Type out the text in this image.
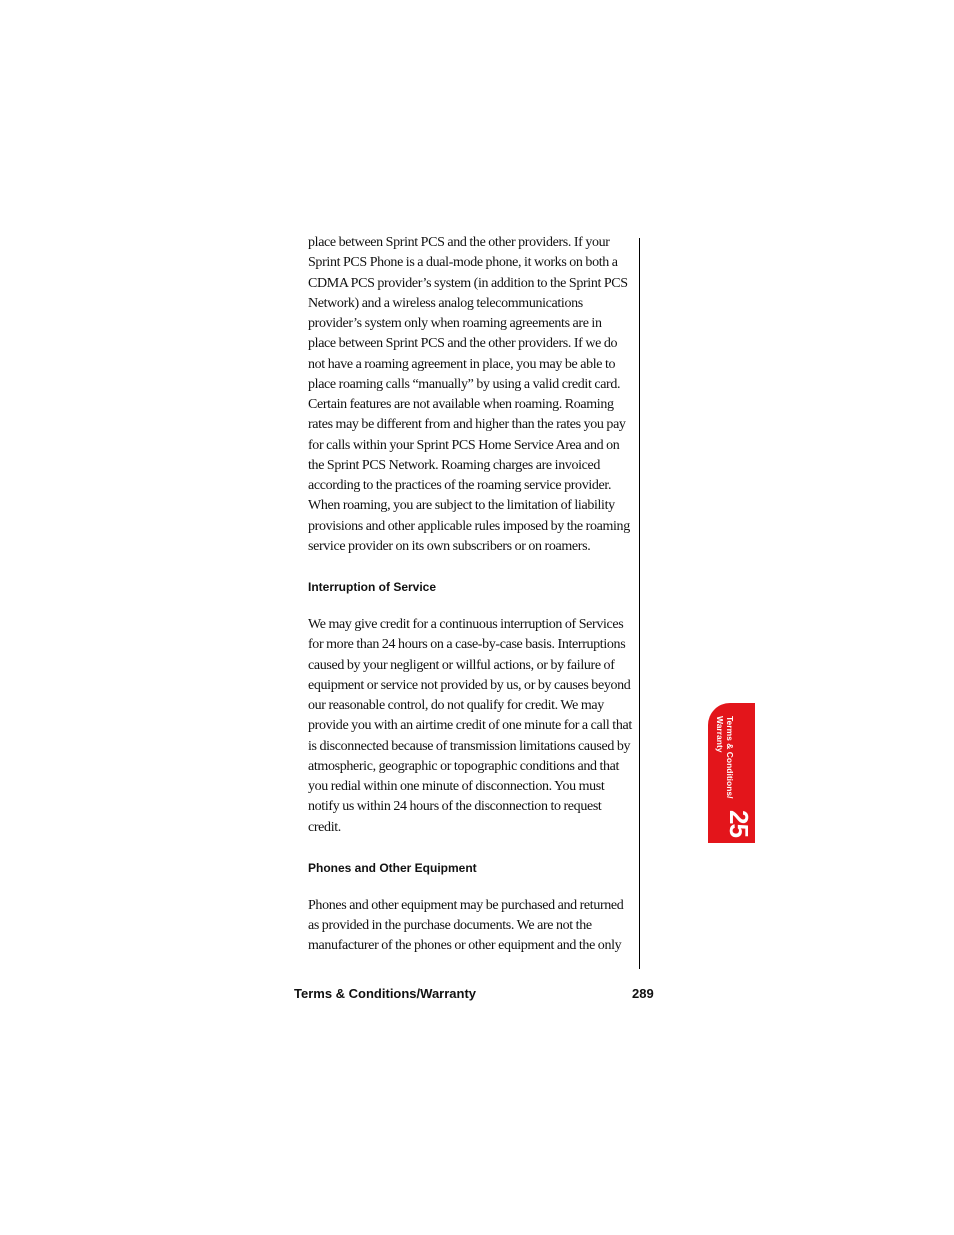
place between Sprint PCS and the other providers. If your Sprint PCS Phone is a dual-mode phone, it works on both a CDMA PCS provider’s system (in addition to the Sprint PCS Network) and a wireless analog telecommunications provider’s system only when roaming agreements are in place between Sprint PCS and the other providers. If we do not have a roaming agreement in place, you may be able to place roaming calls “manually” by using a valid credit card. Certain features are not available when roaming. Roaming rates may be different from and higher than the rates you pay for calls within your Sprint PCS Home Service Area and on the Sprint PCS Network. Roaming charges are invoiced according to the practices of the roaming service provider. When roaming, you are subject to the limitation of liability provisions and other applicable rules imposed by the roaming service provider on its own subscribers or on roamers.

Interruption of Service

We may give credit for a continuous interruption of Services for more than 24 hours on a case-by-case basis. Interruptions caused by your negligent or willful actions, or by failure of equipment or service not provided by us, or by causes beyond our reasonable control, do not qualify for credit. We may provide you with an airtime credit of one minute for a call that is disconnected because of transmission limitations caused by atmospheric, geographic or topographic conditions and that you redial within one minute of disconnection. You must notify us within 24 hours of the disconnection to request credit.

Phones and Other Equipment

Phones and other equipment may be purchased and returned as provided in the purchase documents. We are not the manufacturer of the phones or other equipment and the only

Terms & Conditions/
Warranty
25
Terms & Conditions/Warranty	289
